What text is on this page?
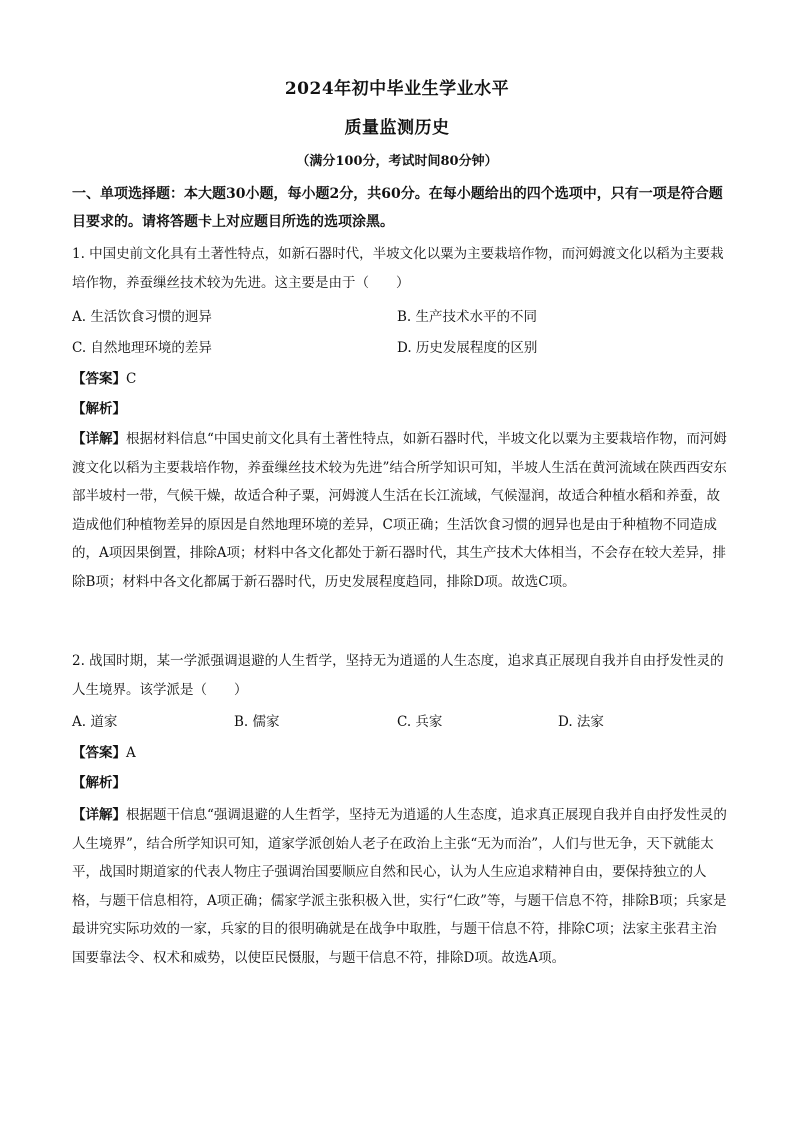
2024年初中毕业生学业水平
质量监测历史
（满分100分，考试时间80分钟）
一、单项选择题：本大题30小题，每小题2分，共60分。在每小题给出的四个选项中，只有一项是符合题目要求的。请将答题卡上对应题目所选的选项涂黑。
1. 中国史前文化具有土著性特点，如新石器时代，半坡文化以粟为主要栽培作物，而河姆渡文化以稻为主要栽培作物，养蚕缫丝技术较为先进。这主要是由于（　　）
A. 生活饮食习惯的迥异	B. 生产技术水平的不同
C. 自然地理环境的差异	D. 历史发展程度的区别
【答案】C
【解析】
【详解】根据材料信息“中国史前文化具有土著性特点，如新石器时代，半坡文化以粟为主要栽培作物，而河姆渡文化以稻为主要栽培作物，养蚕缫丝技术较为先进”结合所学知识可知，半坡人生活在黄河流域在陕西西安东部半坡村一带，气候干燥，故适合种子粟，河姆渡人生活在长江流域，气候湿润，故适合种植水稻和养蚕，故造成他们种植物差异的原因是自然地理环境的差异，C项正确；生活饮食习惯的迥异也是由于种植物不同造成的，A项因果倒置，排除A项；材料中各文化都处于新石器时代，其生产技术大体相当，不会存在较大差异，排除B项；材料中各文化都属于新石器时代，历史发展程度趋同，排除D项。故选C项。
2. 战国时期，某一学派强调退避的人生哲学，坚持无为逍遥的人生态度，追求真正展现自我并自由抒发性灵的人生境界。该学派是（　　）
A. 道家	B. 儒家	C. 兵家	D. 法家
【答案】A
【解析】
【详解】根据题干信息“强调退避的人生哲学，坚持无为逍遥的人生态度，追求真正展现自我并自由抒发性灵的人生境界”，结合所学知识可知，道家学派创始人老子在政治上主张“无为而治”，人们与世无争，天下就能太平，战国时期道家的代表人物庄子强调治国要顺应自然和民心，认为人生应追求精神自由，要保持独立的人格，与题干信息相符，A项正确；儒家学派主张积极入世，实行“仁政”等，与题干信息不符，排除B项；兵家是最讲究实际功效的一家，兵家的目的很明确就是在战争中取胜，与题干信息不符，排除C项；法家主张君主治国要靠法令、权术和威势，以使臣民慑服，与题干信息不符，排除D项。故选A项。
